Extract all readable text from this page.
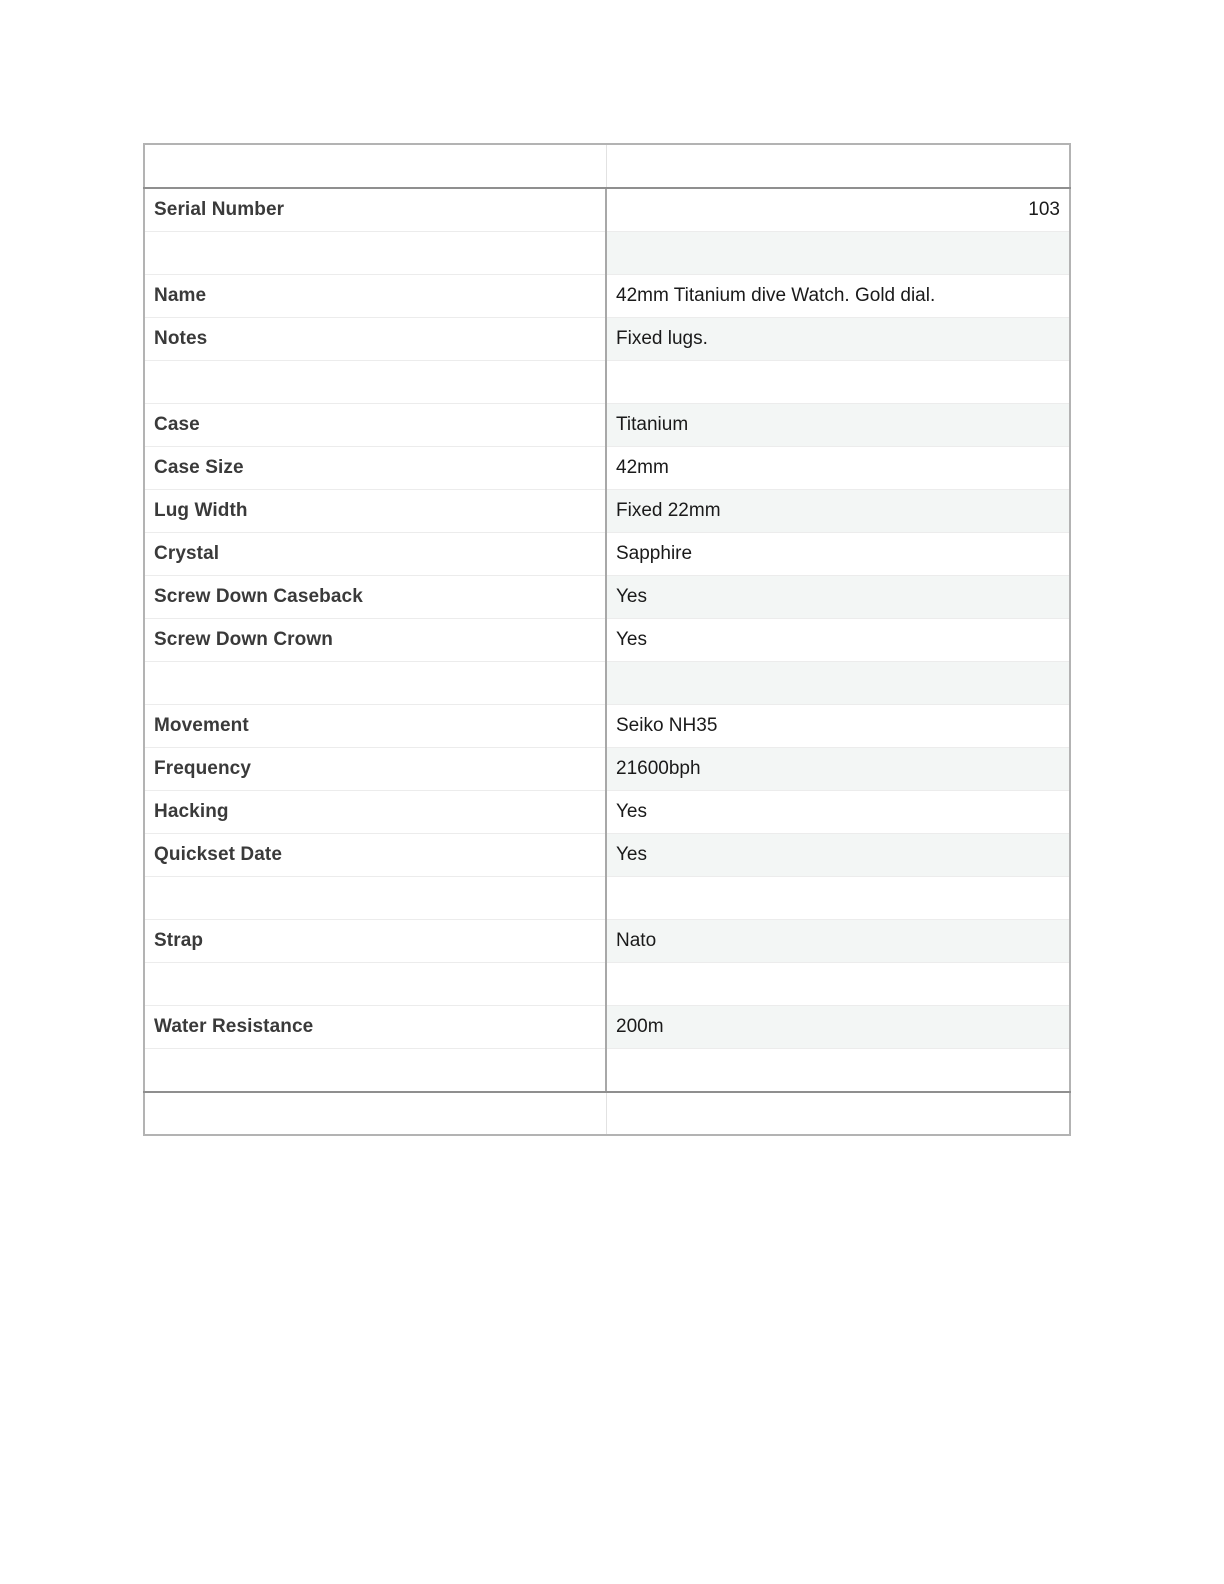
Serial Number	103

Name	42mm Titanium dive Watch. Gold dial.
Notes	Fixed lugs.

Case	Titanium
Case Size	42mm
Lug Width	Fixed 22mm
Crystal	Sapphire
Screw Down Caseback	Yes
Screw Down Crown	Yes

Movement	Seiko NH35
Frequency	21600bph
Hacking	Yes
Quickset Date	Yes

Strap	Nato

Water Resistance	200m
